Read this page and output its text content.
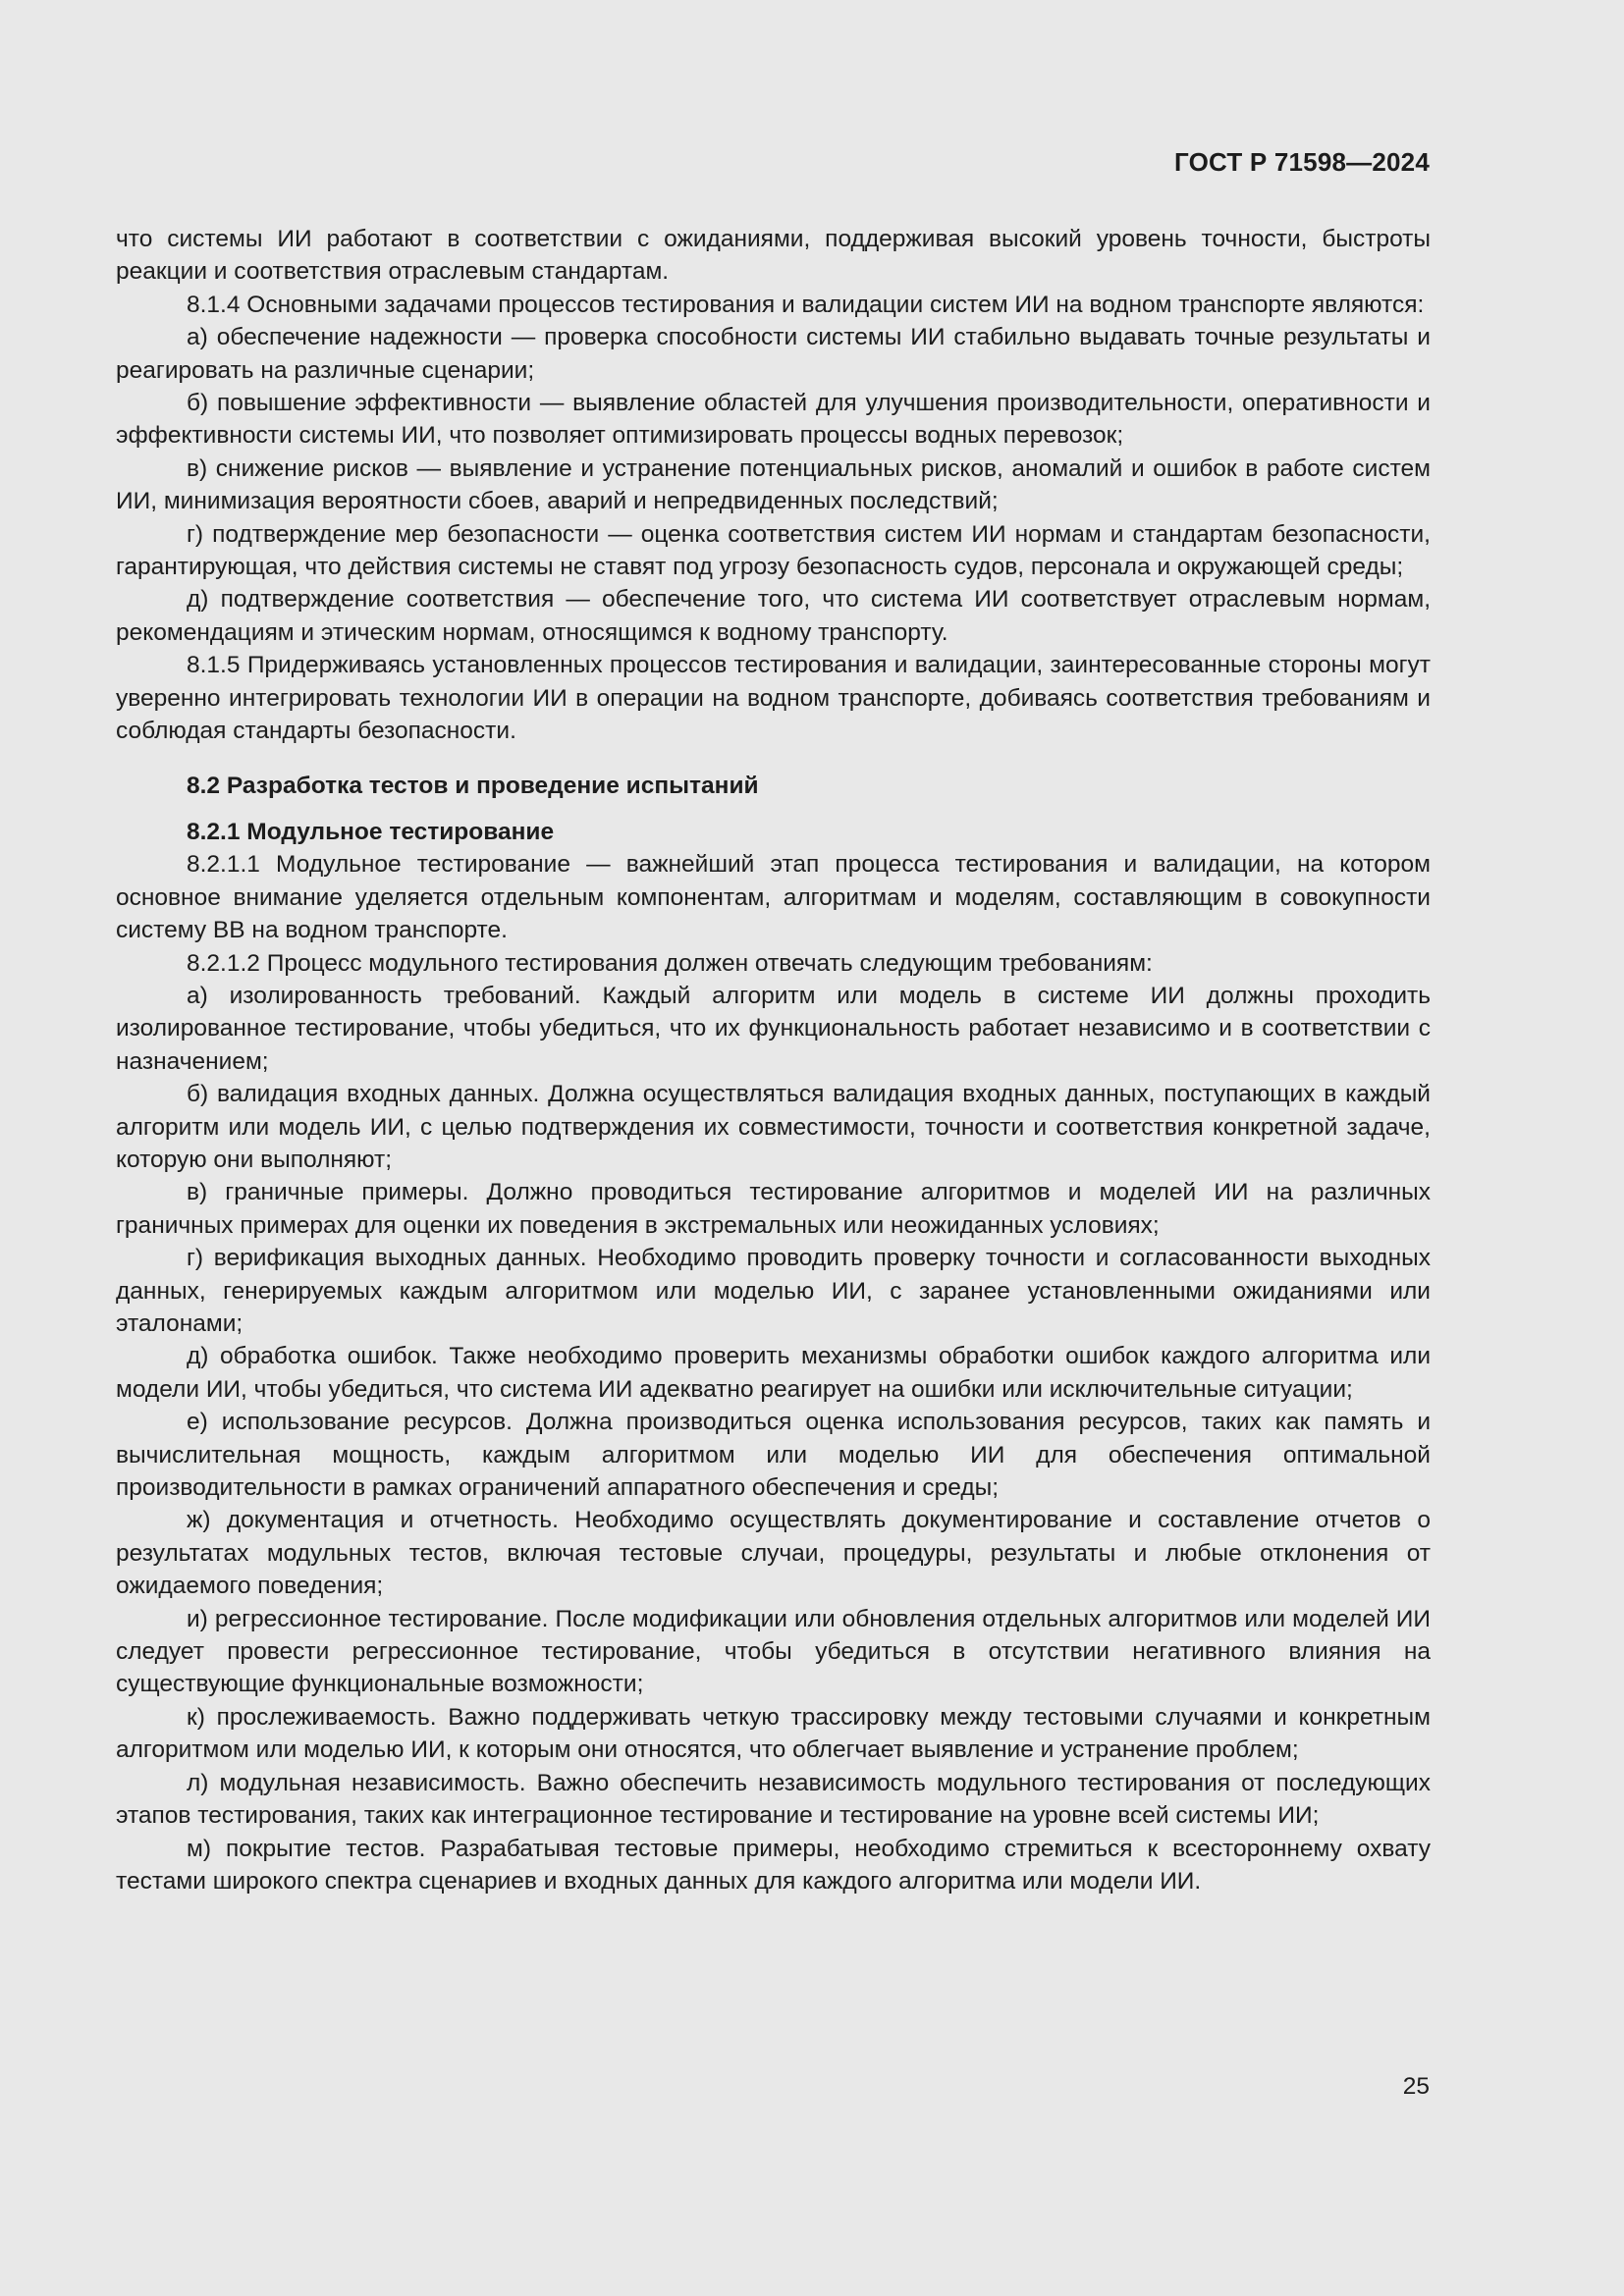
ГОСТ Р 71598—2024

что системы ИИ работают в соответствии с ожиданиями, поддерживая высокий уровень точности, быстроты реакции и соответствия отраслевым стандартам.

8.1.4 Основными задачами процессов тестирования и валидации систем ИИ на водном транспорте являются:

а) обеспечение надежности — проверка способности системы ИИ стабильно выдавать точные результаты и реагировать на различные сценарии;

б) повышение эффективности — выявление областей для улучшения производительности, оперативности и эффективности системы ИИ, что позволяет оптимизировать процессы водных перевозок;

в) снижение рисков — выявление и устранение потенциальных рисков, аномалий и ошибок в работе систем ИИ, минимизация вероятности сбоев, аварий и непредвиденных последствий;

г) подтверждение мер безопасности — оценка соответствия систем ИИ нормам и стандартам безопасности, гарантирующая, что действия системы не ставят под угрозу безопасность судов, персонала и окружающей среды;

д) подтверждение соответствия — обеспечение того, что система ИИ соответствует отраслевым нормам, рекомендациям и этическим нормам, относящимся к водному транспорту.

8.1.5 Придерживаясь установленных процессов тестирования и валидации, заинтересованные стороны могут уверенно интегрировать технологии ИИ в операции на водном транспорте, добиваясь соответствия требованиям и соблюдая стандарты безопасности.

8.2 Разработка тестов и проведение испытаний

8.2.1 Модульное тестирование

8.2.1.1 Модульное тестирование — важнейший этап процесса тестирования и валидации, на котором основное внимание уделяется отдельным компонентам, алгоритмам и моделям, составляющим в совокупности систему ВВ на водном транспорте.

8.2.1.2 Процесс модульного тестирования должен отвечать следующим требованиям:

а) изолированность требований. Каждый алгоритм или модель в системе ИИ должны проходить изолированное тестирование, чтобы убедиться, что их функциональность работает независимо и в соответствии с назначением;

б) валидация входных данных. Должна осуществляться валидация входных данных, поступающих в каждый алгоритм или модель ИИ, с целью подтверждения их совместимости, точности и соответствия конкретной задаче, которую они выполняют;

в) граничные примеры. Должно проводиться тестирование алгоритмов и моделей ИИ на различных граничных примерах для оценки их поведения в экстремальных или неожиданных условиях;

г) верификация выходных данных. Необходимо проводить проверку точности и согласованности выходных данных, генерируемых каждым алгоритмом или моделью ИИ, с заранее установленными ожиданиями или эталонами;

д) обработка ошибок. Также необходимо проверить механизмы обработки ошибок каждого алгоритма или модели ИИ, чтобы убедиться, что система ИИ адекватно реагирует на ошибки или исключительные ситуации;

е) использование ресурсов. Должна производиться оценка использования ресурсов, таких как память и вычислительная мощность, каждым алгоритмом или моделью ИИ для обеспечения оптимальной производительности в рамках ограничений аппаратного обеспечения и среды;

ж) документация и отчетность. Необходимо осуществлять документирование и составление отчетов о результатах модульных тестов, включая тестовые случаи, процедуры, результаты и любые отклонения от ожидаемого поведения;

и) регрессионное тестирование. После модификации или обновления отдельных алгоритмов или моделей ИИ следует провести регрессионное тестирование, чтобы убедиться в отсутствии негативного влияния на существующие функциональные возможности;

к) прослеживаемость. Важно поддерживать четкую трассировку между тестовыми случаями и конкретным алгоритмом или моделью ИИ, к которым они относятся, что облегчает выявление и устранение проблем;

л) модульная независимость. Важно обеспечить независимость модульного тестирования от последующих этапов тестирования, таких как интеграционное тестирование и тестирование на уровне всей системы ИИ;

м) покрытие тестов. Разрабатывая тестовые примеры, необходимо стремиться к всестороннему охвату тестами широкого спектра сценариев и входных данных для каждого алгоритма или модели ИИ.

25
